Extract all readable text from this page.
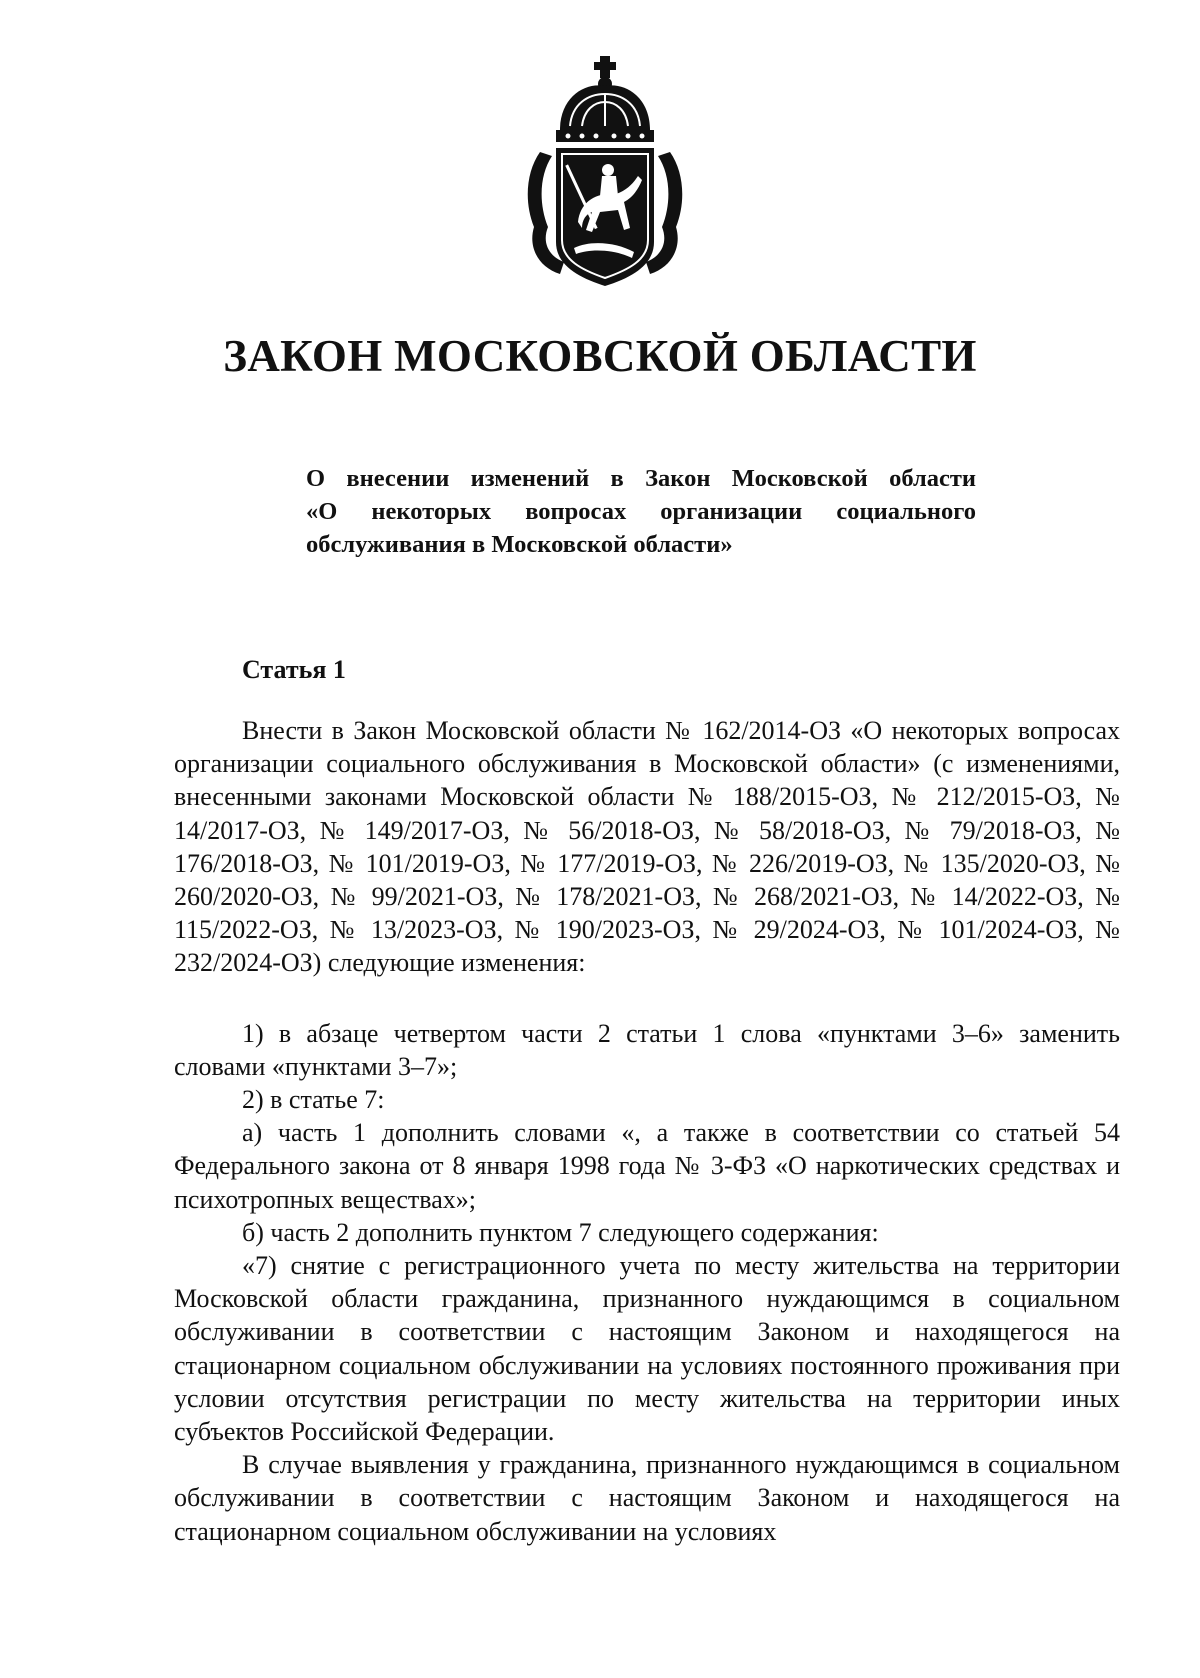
ЗАКОН МОСКОВСКОЙ ОБЛАСТИ
О внесении изменений в Закон Московской области
«О некоторых вопросах организации социального
обслуживания в Московской области»
Статья 1

Внести в Закон Московской области № 162/2014-ОЗ «О некоторых вопросах организации социального обслуживания в Московской области» (с изменениями, внесенными законами Московской области № 188/2015-ОЗ, № 212/2015-ОЗ, № 14/2017-ОЗ, № 149/2017-ОЗ, № 56/2018-ОЗ, № 58/2018-ОЗ, № 79/2018-ОЗ, № 176/2018-ОЗ, № 101/2019-ОЗ, № 177/2019-ОЗ, № 226/2019-ОЗ, № 135/2020-ОЗ, № 260/2020-ОЗ, № 99/2021-ОЗ, № 178/2021-ОЗ, № 268/2021-ОЗ, № 14/2022-ОЗ, № 115/2022-ОЗ, № 13/2023-ОЗ, № 190/2023-ОЗ, № 29/2024-ОЗ, № 101/2024-ОЗ, № 232/2024-ОЗ) следующие изменения:

1) в абзаце четвертом части 2 статьи 1 слова «пунктами 3–6» заменить словами «пунктами 3–7»;

2) в статье 7:

а) часть 1 дополнить словами «, а также в соответствии со статьей 54 Федерального закона от 8 января 1998 года № 3-ФЗ «О наркотических средствах и психотропных веществах»;

б) часть 2 дополнить пунктом 7 следующего содержания:

«7) снятие с регистрационного учета по месту жительства на территории Московской области гражданина, признанного нуждающимся в социальном обслуживании в соответствии с настоящим Законом и находящегося на стационарном социальном обслуживании на условиях постоянного проживания при условии отсутствия регистрации по месту жительства на территории иных субъектов Российской Федерации.

В случае выявления у гражданина, признанного нуждающимся в социальном обслуживании в соответствии с настоящим Законом и находящегося на стационарном социальном обслуживании на условиях
